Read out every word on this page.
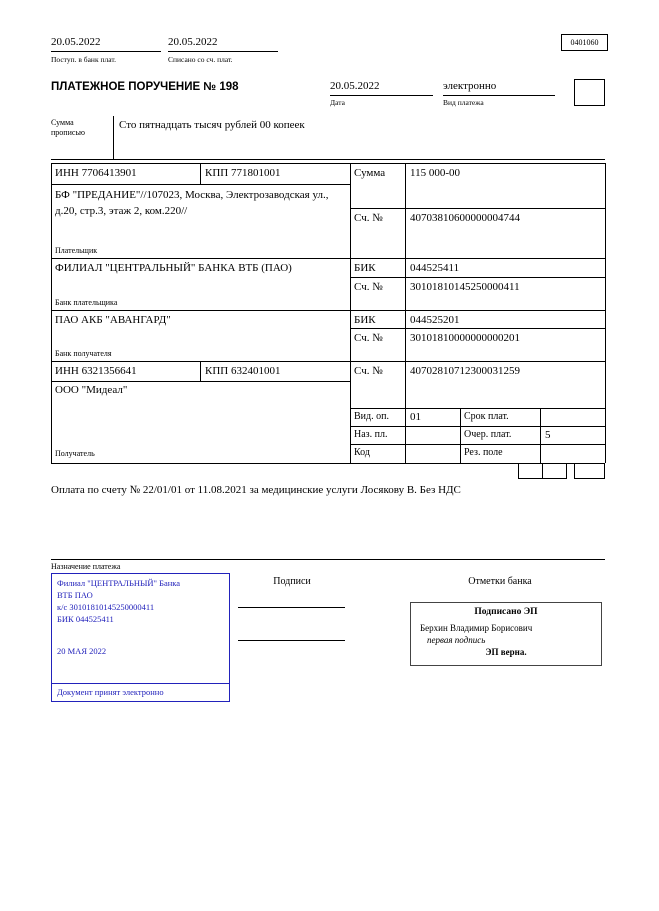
20.05.2022	20.05.2022
Поступ. в банк плат.	Списано со сч. плат.
0401060
ПЛАТЕЖНОЕ ПОРУЧЕНИЕ № 198	20.05.2022	электронно
Дата	Вид платежа
Сумма прописью
Сто пятнадцать тысяч рублей 00 копеек
ИНН 7706413901	КПП 771801001	Сумма 115 000-00
БФ "ПРЕДАНИЕ"//107023, Москва, Электрозаводская ул., д.20, стр.3, этаж 2, ком.220//
Сч. № 40703810600000004744
Плательщик
ФИЛИАЛ "ЦЕНТРАЛЬНЫЙ" БАНКА ВТБ (ПАО)	БИК	044525411
Сч. № 30101810145250000411
Банк плательщика
ПАО АКБ "АВАНГАРД"	БИК	044525201
Сч. № 30101810000000000201
Банк получателя
ИНН 6321356641	КПП 632401001	Сч. № 40702810712300031259
ООО "Мидеал"
Получатель
Вид. оп. 01	Срок плат.
Наз. пл.	Очер. плат.	5
Код	Рез. поле
Оплата по счету № 22/01/01 от 11.08.2021 за медицинские услуги Лосякову В. Без НДС
Назначение платежа
Филиал "ЦЕНТРАЛЬНЫЙ" Банка
ВТБ ПАО
к/с 30101810145250000411
БИК 044525411
20 МАЯ 2022
Документ принят электронно
Подписи	Отметки банка
Подписано ЭП
Берхин Владимир Борисович
первая подпись
ЭП верна.
